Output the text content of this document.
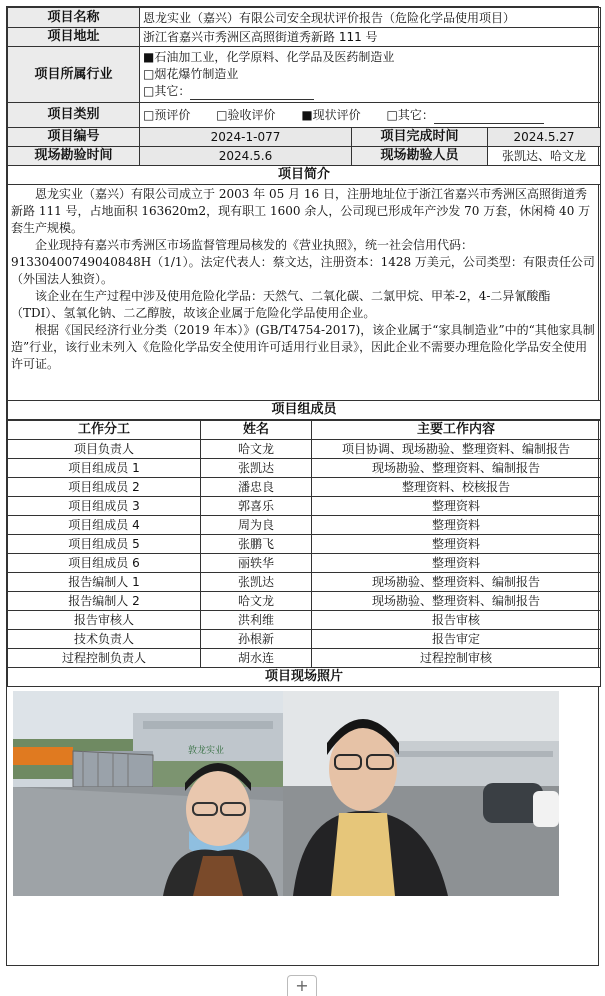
项目名称	恩龙实业（嘉兴）有限公司安全现状评价报告（危险化学品使用项目）		
项目地址	浙江省嘉兴市秀洲区高照街道秀新路 111 号		
项目所属行业	■石油加工业，化学原料、化学品及医药制造业
□烟花爆竹制造业
□其它：		

项目类别	□预评价 □验收评价 ■现状评价 □其它：		
项目编号	2024-1-077	项目完成时间	2024.5.27
现场勘验时间	2024.5.6	现场勘验人员	张凯达、哈文龙
项目简介			

恩龙实业（嘉兴）有限公司成立于 2003 年 05 月 16 日，注册地址位于浙江省嘉兴市秀洲区高照街道秀新路 111 号，占地面积 163620m2，现有职工 1600 余人，公司现已形成年产沙发 70 万套，休闲椅 40 万套生产规模。

企业现持有嘉兴市秀洲区市场监督管理局核发的《营业执照》，统一社会信用代码：91330400749040848H（1/1）。法定代表人：蔡文达，注册资本：1428 万美元，公司类型：有限责任公司（外国法人独资）。

该企业在生产过程中涉及使用危险化学品：天然气、二氧化碳、二氯甲烷、甲苯-2，4-二异氰酸酯（TDI）、氢氧化钠、二乙醇胺，故该企业属于危险化学品使用企业。

根据《国民经济行业分类（2019 年本）》(GB/T4754-2017)，该企业属于“家具制造业”中的“其他家具制造”行业，该行业未列入《危险化学品安全使用许可适用行业目录》，因此企业不需要办理危险化学品安全使用许可证。			

项目组成员			
工作分工	姓名	主要工作内容
项目负责人	哈文龙	项目协调、现场勘验、整理资料、编制报告
项目组成员 1	张凯达	现场勘验、整理资料、编制报告
项目组成员 2	潘忠良	整理资料、校核报告
项目组成员 3	郭喜乐	整理资料
项目组成员 4	周为良	整理资料
项目组成员 5	张鹏飞	整理资料
项目组成员 6	丽轶华	整理资料
报告编制人 1	张凯达	现场勘验、整理资料、编制报告
报告编制人 2	哈文龙	现场勘验、整理资料、编制报告
报告审核人	洪利维	报告审核
技术负责人	孙根新	报告审定
过程控制负责人	胡水连	过程控制审核
项目现场照片		
敦龙实业
+
